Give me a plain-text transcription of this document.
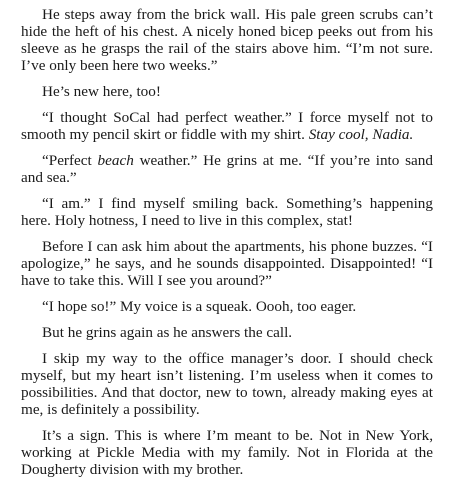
He steps away from the brick wall. His pale green scrubs can’t hide the heft of his chest. A nicely honed bicep peeks out from his sleeve as he grasps the rail of the stairs above him. “I’m not sure. I’ve only been here two weeks.”

He’s new here, too!

“I thought SoCal had perfect weather.” I force myself not to smooth my pencil skirt or fiddle with my shirt. Stay cool, Nadia.

“Perfect beach weather.” He grins at me. “If you’re into sand and sea.”

“I am.” I find myself smiling back. Something’s happening here. Holy hotness, I need to live in this complex, stat!

Before I can ask him about the apartments, his phone buzzes. “I apologize,” he says, and he sounds disappointed. Disappointed! “I have to take this. Will I see you around?”

“I hope so!” My voice is a squeak. Oooh, too eager.

But he grins again as he answers the call.

I skip my way to the office manager’s door. I should check myself, but my heart isn’t listening. I’m useless when it comes to possibilities. And that doctor, new to town, already making eyes at me, is definitely a possibility.

It’s a sign. This is where I’m meant to be. Not in New York, working at Pickle Media with my family. Not in Florida at the Dougherty division with my brother.
